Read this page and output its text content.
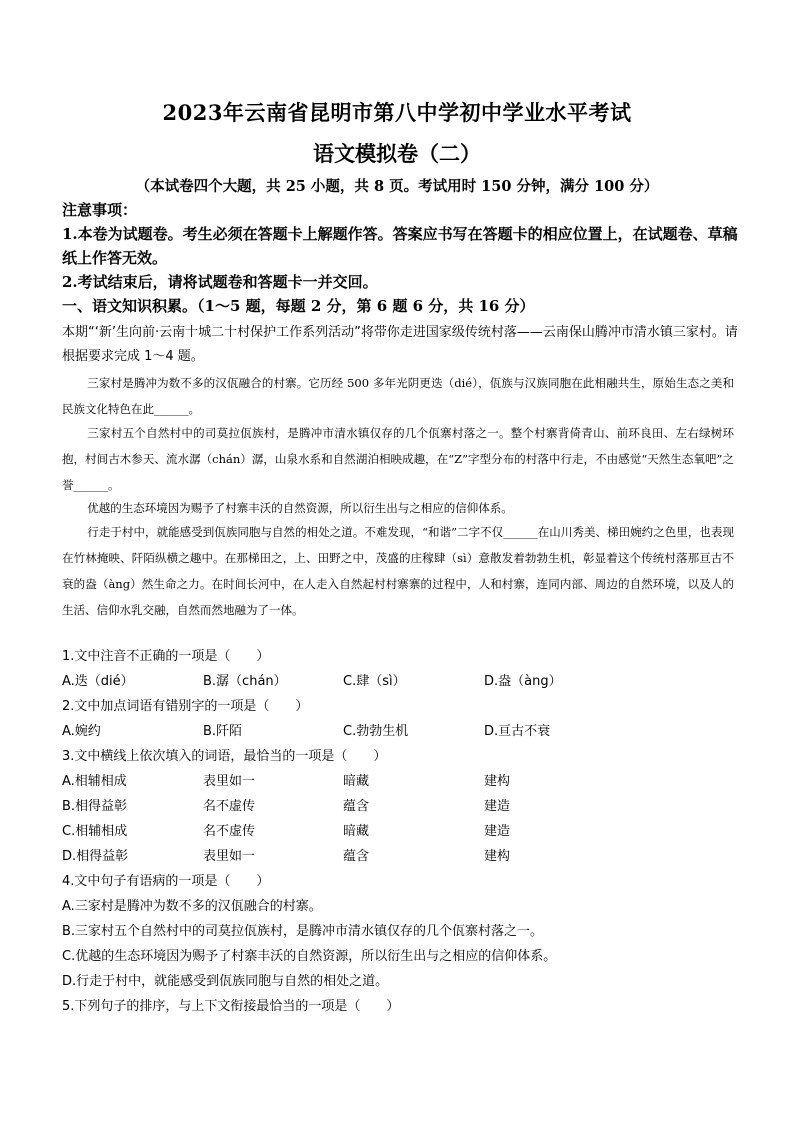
2023年云南省昆明市第八中学初中学业水平考试
语文模拟卷（二）
（本试卷四个大题，共 25 小题，共 8 页。考试用时 150 分钟，满分 100 分）
注意事项：
1.本卷为试题卷。考生必须在答题卡上解题作答。答案应书写在答题卡的相应位置上，在试题卷、草稿纸上作答无效。
2.考试结束后，请将试题卷和答题卡一并交回。
一、语文知识积累。（1～5 题，每题 2 分，第 6 题 6 分，共 16 分）
本期“‘新’生向前·云南十城二十村保护工作系列活动”将带你走进国家级传统村落——云南保山腾冲市清水镇三家村。请根据要求完成 1～4 题。
三家村是腾冲为数不多的汉佤融合的村寨。它历经 500 多年光阴更迭（dié），佤族与汉族同胞在此相融共生，原始生态之美和民族文化特色在此______。
三家村五个自然村中的司莫拉佤族村，是腾冲市清水镇仅存的几个佤寨村落之一。整个村寨背倚青山、前环良田、左右绿树环抱，村间古木参天、流水潺（chán）潺，山泉水系和自然湖泊相映成趣，在“Z”字型分布的村落中行走，不由感觉“天然生态氧吧”之誉______。
优越的生态环境因为赐予了村寨丰沃的自然资源，所以衍生出与之相应的信仰体系。
行走于村中，就能感受到佤族同胞与自然的相处之道。不难发现，“和谐”二字不仅______在山川秀美、梯田婉约之色里，也表现在竹林掩映、阡陌纵横之趣中。在那梯田之，上、田野之中，茂盛的庄稼肆（sì）意散发着勃勃生机，彰显着这个传统村落那亘古不衰的盎（àng）然生命之力。在时间长河中，在人走入自然起村村寨寨的过程中，人和村寨，连同内部、周边的自然环境，以及人的生活、信仰水乳交融，自然而然地融为了一体。
1.文中注音不正确的一项是（　　）
A.迭（dié）	B.潺（chán）	C.肆（sì）	D.盎（àng）
2.文中加点词语有错别字的一项是（　　）
A.婉约	B.阡陌	C.勃勃生机	D.亘古不衰
3.文中横线上依次填入的词语，最恰当的一项是（　　）
A.相辅相成	表里如一	暗藏	建构
B.相得益彰	名不虚传	蕴含	建造
C.相辅相成	名不虚传	暗藏	建造
D.相得益彰	表里如一	蕴含	建构
4.文中句子有语病的一项是（　　）
A.三家村是腾冲为数不多的汉佤融合的村寨。
B.三家村五个自然村中的司莫拉佤族村，是腾冲市清水镇仅存的几个佤寨村落之一。
C.优越的生态环境因为赐予了村寨丰沃的自然资源，所以衍生出与之相应的信仰体系。
D.行走于村中，就能感受到佤族同胞与自然的相处之道。
5.下列句子的排序，与上下文衔接最恰当的一项是（　　）
